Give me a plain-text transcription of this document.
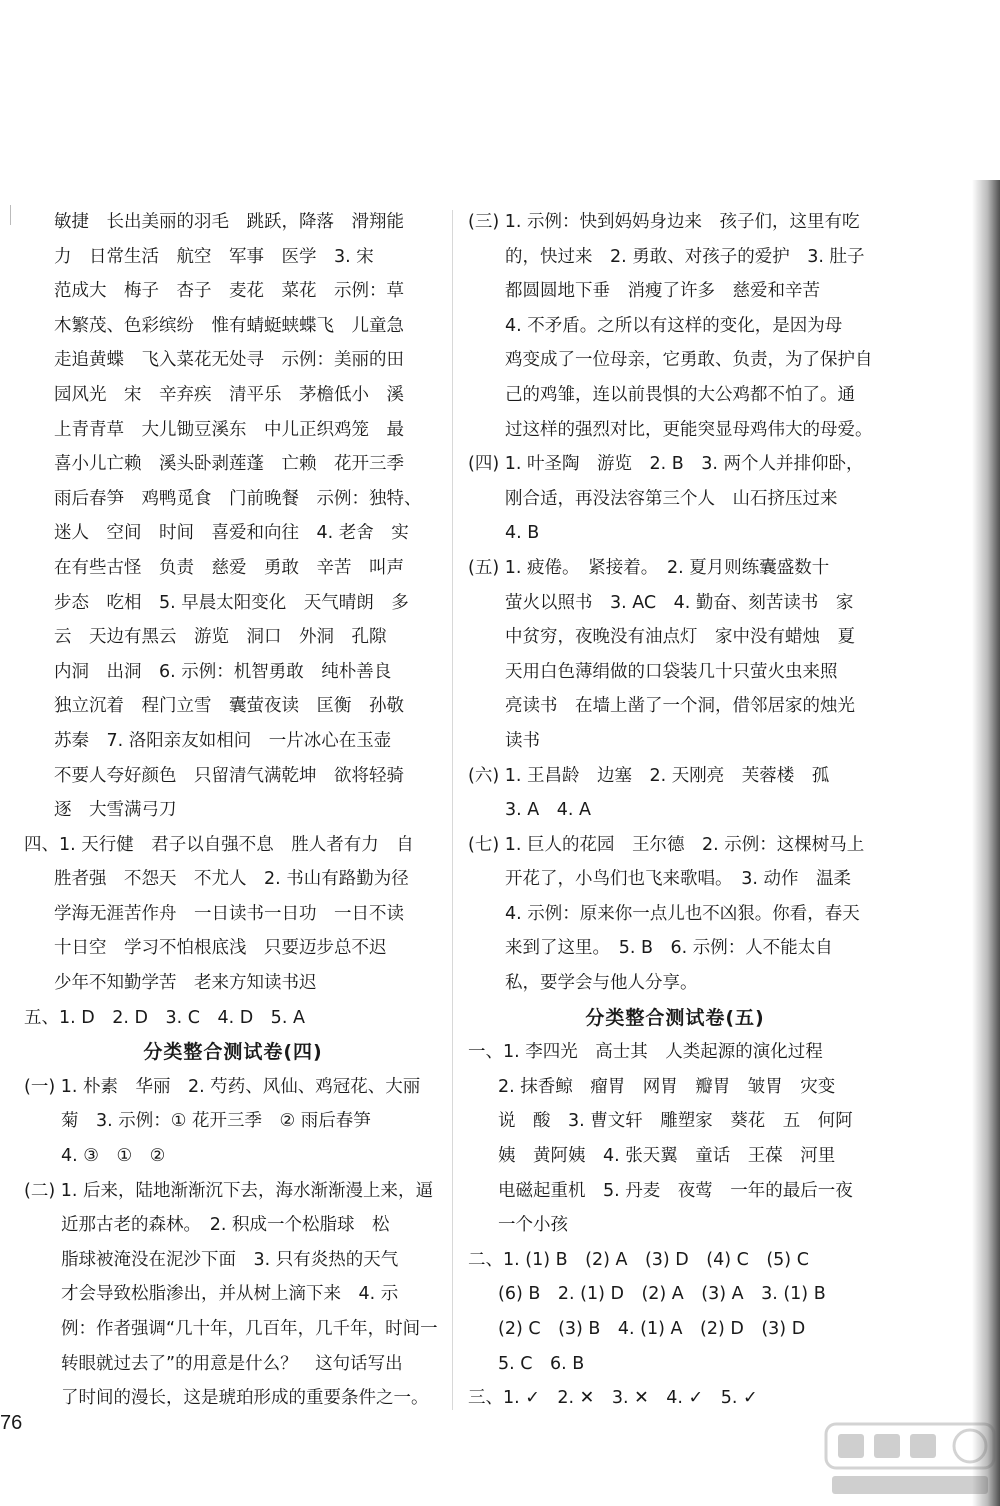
敏捷　长出美丽的羽毛　跳跃，降落　滑翔能
力　日常生活　航空　军事　医学　3. 宋
范成大　梅子　杏子　麦花　菜花　示例：草
木繁茂、色彩缤纷　惟有蜻蜓蛱蝶飞　儿童急
走追黄蝶　飞入菜花无处寻　示例：美丽的田
园风光　宋　辛弃疾　清平乐　茅檐低小　溪
上青青草　大儿锄豆溪东　中儿正织鸡笼　最
喜小儿亡赖　溪头卧剥莲蓬　亡赖　花开三季
雨后春笋　鸡鸭觅食　门前晚餐　示例：独特、
迷人　空间　时间　喜爱和向往　4. 老舍　实
在有些古怪　负责　慈爱　勇敢　辛苦　叫声
步态　吃相　5. 早晨太阳变化　天气晴朗　多
云　天边有黑云　游览　洞口　外洞　孔隙
内洞　出洞　6. 示例：机智勇敢　纯朴善良
独立沉着　程门立雪　囊萤夜读　匡衡　孙敬
苏秦　7. 洛阳亲友如相问　一片冰心在玉壶
不要人夸好颜色　只留清气满乾坤　欲将轻骑
逐　大雪满弓刀
四、1. 天行健　君子以自强不息　胜人者有力　自
胜者强　不怨天　不尤人　2. 书山有路勤为径
学海无涯苦作舟　一日读书一日功　一日不读
十日空　学习不怕根底浅　只要迈步总不迟
少年不知勤学苦　老来方知读书迟
五、1. D　2. D　3. C　4. D　5. A
分类整合测试卷(四)
(一) 1. 朴素　华丽　2. 芍药、风仙、鸡冠花、大丽
菊　3. 示例：① 花开三季　② 雨后春笋
4. ③　①　②
(二) 1. 后来，陆地渐渐沉下去，海水渐渐漫上来，逼
近那古老的森林。　2. 积成一个松脂球　松
脂球被淹没在泥沙下面　3. 只有炎热的天气
才会导致松脂渗出，并从树上滴下来　4. 示
例：作者强调“几十年，几百年，几千年，时间一
转眼就过去了”的用意是什么？　这句话写出
了时间的漫长，这是琥珀形成的重要条件之一。
(三) 1. 示例：快到妈妈身边来　孩子们，这里有吃
的，快过来　2. 勇敢、对孩子的爱护　3. 肚子
都圆圆地下垂　消瘦了许多　慈爱和辛苦
4. 不矛盾。之所以有这样的变化，是因为母
鸡变成了一位母亲，它勇敢、负责，为了保护自
己的鸡雏，连以前畏惧的大公鸡都不怕了。通
过这样的强烈对比，更能突显母鸡伟大的母爱。
(四) 1. 叶圣陶　游览　2. B　3. 两个人并排仰卧，
刚合适，再没法容第三个人　山石挤压过来
4. B
(五) 1. 疲倦。　紧接着。　2. 夏月则练囊盛数十
萤火以照书　3. AC　4. 勤奋、刻苦读书　家
中贫穷，夜晚没有油点灯　家中没有蜡烛　夏
天用白色薄绢做的口袋装几十只萤火虫来照
亮读书　在墙上凿了一个洞，借邻居家的烛光
读书
(六) 1. 王昌龄　边塞　2. 天刚亮　芙蓉楼　孤
3. A　4. A
(七) 1. 巨人的花园　王尔德　2. 示例：这棵树马上
开花了，小鸟们也飞来歌唱。　3. 动作　温柔
4. 示例：原来你一点儿也不凶狠。你看，春天
来到了这里。　5. B　6. 示例：人不能太自
私，要学会与他人分享。
分类整合测试卷(五)
一、1. 李四光　高士其　人类起源的演化过程
2. 抹香鲸　瘤胃　网胃　瓣胃　皱胃　灾变
说　酸　3. 曹文轩　雕塑家　葵花　五　何阿
姨　黄阿姨　4. 张天翼　童话　王葆　河里
电磁起重机　5. 丹麦　夜莺　一年的最后一夜
一个小孩
二、1. (1) B　(2) A　(3) D　(4) C　(5) C
(6) B　2. (1) D　(2) A　(3) A　3. (1) B
(2) C　(3) B　4. (1) A　(2) D　(3) D
5. C　6. B
三、1. ✓　2. ✕　3. ✕　4. ✓　5. ✓
76
